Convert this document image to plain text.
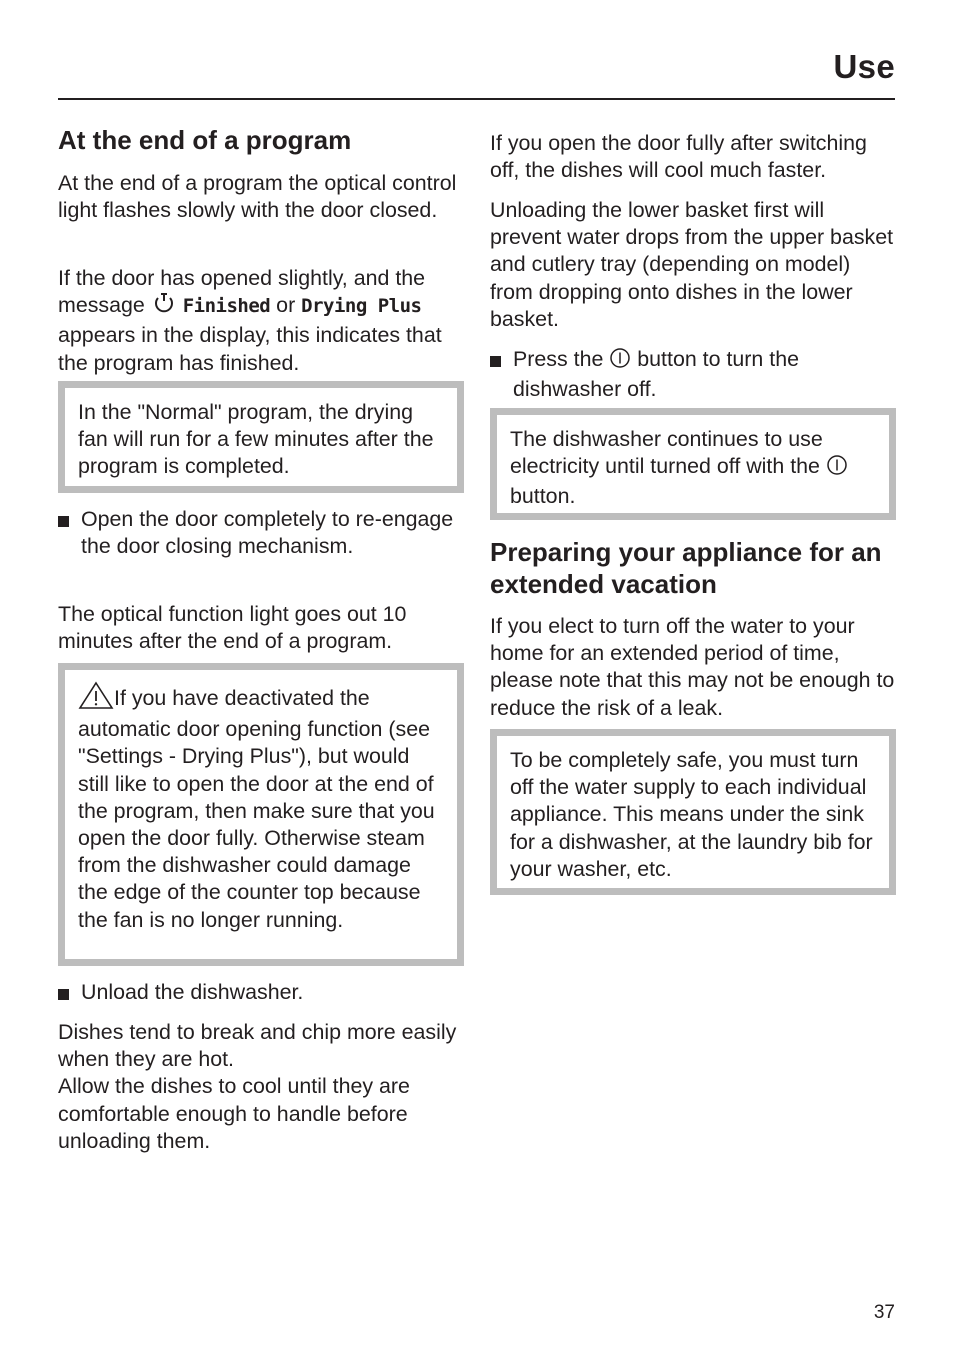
Use
At the end of a program

At the end of a program the optical control light flashes slowly with the door closed.

If the door has opened slightly, and the message Finished or Drying Plus appears in the display, this indicates that the program has finished.

In the "Normal" program, the drying fan will run for a few minutes after the program is completed.
Open the door completely to re-engage the door closing mechanism.

The optical function light goes out 10 minutes after the end of a program.

If you have deactivated the automatic door opening function (see "Settings - Drying Plus"), but would still like to open the door at the end of the program, then make sure that you open the door fully. Otherwise steam from the dishwasher could damage the edge of the counter top because the fan is no longer running.
Unload the dishwasher.

Dishes tend to break and chip more easily when they are hot.

Allow the dishes to cool until they are comfortable enough to handle before unloading them.

If you open the door fully after switching off, the dishes will cool much faster.

Unloading the lower basket first will prevent water drops from the upper basket and cutlery tray (depending on model) from dropping onto dishes in the lower basket.

Press the button to turn the dishwasher off.
The dishwasher continues to use electricity until turned off with the  button.
Preparing your appliance for an extended vacation

If you elect to turn off the water to your home for an extended period of time, please note that this may not be enough to reduce the risk of a leak.

To be completely safe, you must turn off the water supply to each individual appliance. This means under the sink for a dishwasher, at the laundry bib for your washer, etc.
37
